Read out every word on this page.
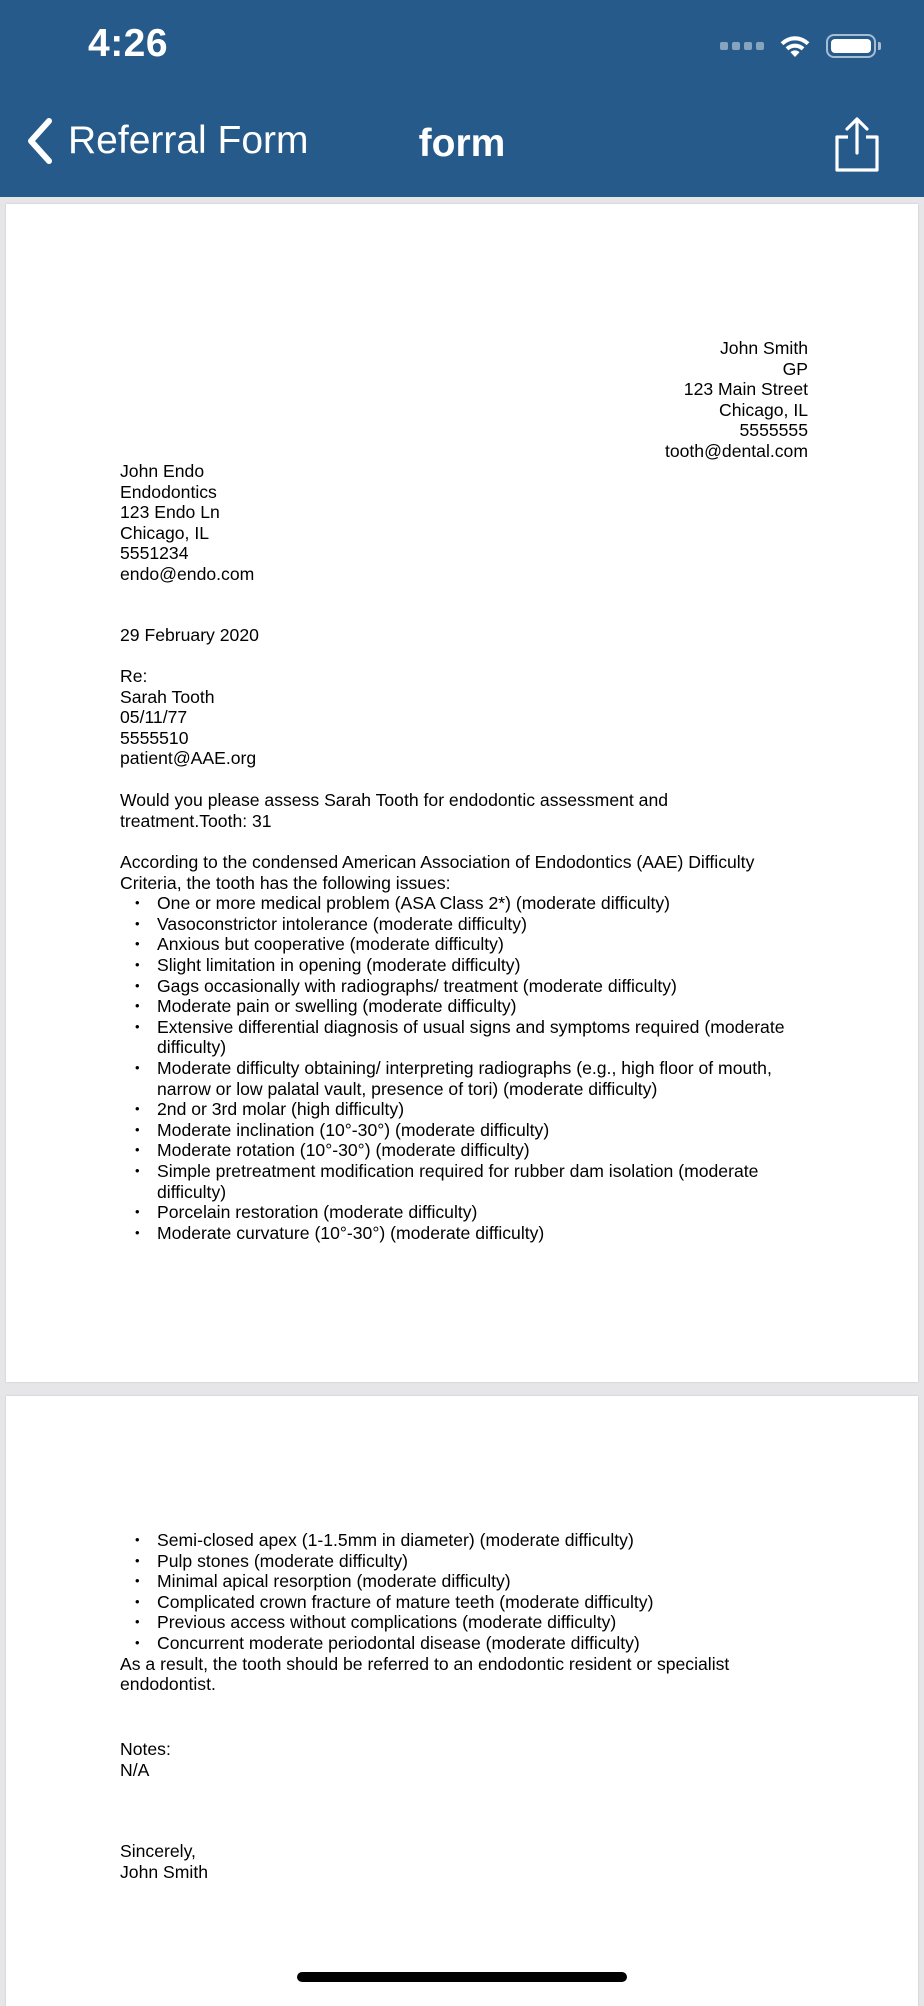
4:26
Referral Form	form
John Smith
GP
123 Main Street
Chicago, IL
5555555
tooth@dental.com
John Endo
Endodontics
123 Endo Ln
Chicago, IL
5551234
endo@endo.com
29 February 2020
Re:
Sarah Tooth
05/11/77
5555510
patient@AAE.org
Would you please assess Sarah Tooth for endodontic assessment and treatment.Tooth: 31
According to the condensed American Association of Endodontics (AAE) Difficulty Criteria, the tooth has the following issues:
• One or more medical problem (ASA Class 2*) (moderate difficulty)
• Vasoconstrictor intolerance (moderate difficulty)
• Anxious but cooperative (moderate difficulty)
• Slight limitation in opening (moderate difficulty)
• Gags occasionally with radiographs/ treatment (moderate difficulty)
• Moderate pain or swelling (moderate difficulty)
• Extensive differential diagnosis of usual signs and symptoms required (moderate difficulty)
• Moderate difficulty obtaining/ interpreting radiographs (e.g., high floor of mouth, narrow or low palatal vault, presence of tori) (moderate difficulty)
• 2nd or 3rd molar (high difficulty)
• Moderate inclination (10°-30°) (moderate difficulty)
• Moderate rotation (10°-30°) (moderate difficulty)
• Simple pretreatment modification required for rubber dam isolation (moderate difficulty)
• Porcelain restoration (moderate difficulty)
• Moderate curvature (10°-30°) (moderate difficulty)
• Semi-closed apex (1-1.5mm in diameter) (moderate difficulty)
• Pulp stones (moderate difficulty)
• Minimal apical resorption (moderate difficulty)
• Complicated crown fracture of mature teeth (moderate difficulty)
• Previous access without complications (moderate difficulty)
• Concurrent moderate periodontal disease (moderate difficulty)
As a result, the tooth should be referred to an endodontic resident or specialist endodontist.
Notes:
N/A
Sincerely,
John Smith
